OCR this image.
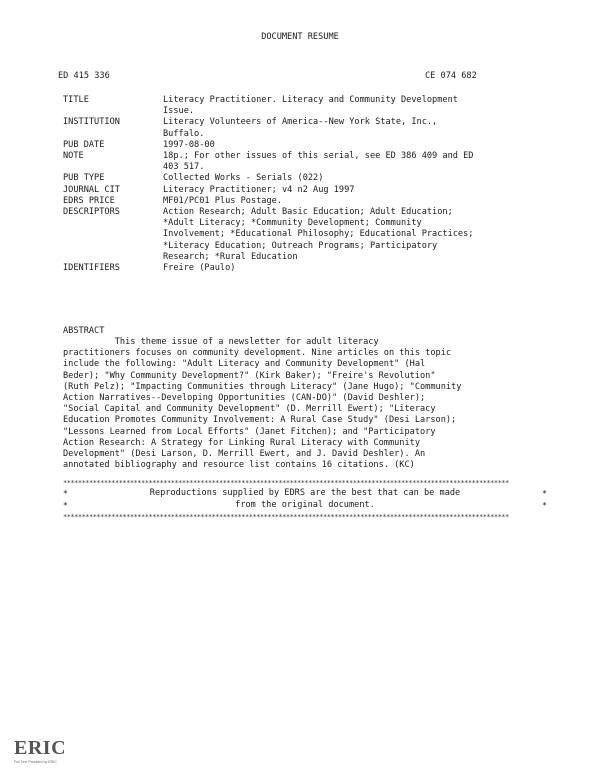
DOCUMENT RESUME
ED 415 336	CE 074 682
TITLE	Literacy Practitioner. Literacy and Community Development
Issue.
INSTITUTION	Literacy Volunteers of America--New York State, Inc.,
Buffalo.
PUB DATE	1997-08-00
NOTE	18p.; For other issues of this serial, see ED 386 409 and ED
403 517.
PUB TYPE	Collected Works - Serials (022)
JOURNAL CIT	Literacy Practitioner; v4 n2 Aug 1997
EDRS PRICE	MF01/PC01 Plus Postage.
DESCRIPTORS	Action Research; Adult Basic Education; Adult Education;
*Adult Literacy; *Community Development; Community
Involvement; *Educational Philosophy; Educational Practices;
*Literacy Education; Outreach Programs; Participatory
Research; *Rural Education
IDENTIFIERS	Freire (Paulo)
ABSTRACT
This theme issue of a newsletter for adult literacy
practitioners focuses on community development. Nine articles on this topic
include the following: "Adult Literacy and Community Development" (Hal
Beder); "Why Community Development?" (Kirk Baker); "Freire's Revolution"
(Ruth Pelz); "Impacting Communities through Literacy" (Jane Hugo); "Community
Action Narratives--Developing Opportunities (CAN-DO)" (David Deshler);
"Social Capital and Community Development" (D. Merrill Ewert); "Literacy
Education Promotes Community Involvement: A Rural Case Study" (Desi Larson);
"Lessons Learned from Local Efforts" (Janet Fitchen); and "Participatory
Action Research: A Strategy for Linking Rural Literacy with Community
Development" (Desi Larson, D. Merrill Ewert, and J. David Deshler). An
annotated bibliography and resource list contains 16 citations. (KC)
************************************************************************************************************************
Reproductions supplied by EDRS are the best that can be made
from the original document.
*	*
*	*
************************************************************************************************************************
ERIC
Full Text Provided by ERIC
